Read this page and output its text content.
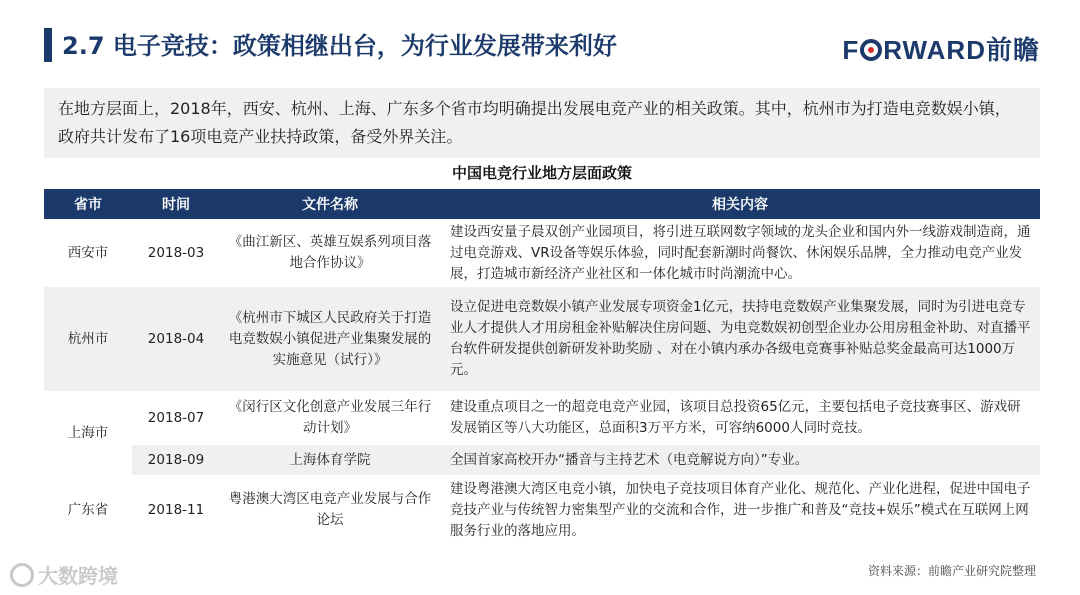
2.7 电子竞技：政策相继出台，为行业发展带来利好	F RWARD前瞻
在地方层面上，2018年，西安、杭州、上海、广东多个省市均明确提出发展电竞产业的相关政策。其中，杭州市为打造电竞数娱小镇，政府共计发布了16项电竞产业扶持政策，备受外界关注。
中国电竞行业地方层面政策
省市	时间	文件名称	相关内容
西安市	2018-03	《曲江新区、英雄互娱系列项目落地合作协议》	建设西安量子晨双创产业园项目，将引进互联网数字领域的龙头企业和国内外一线游戏制造商，通过电竞游戏、VR设备等娱乐体验，同时配套新潮时尚餐饮、休闲娱乐品牌，全力推动电竞产业发展，打造城市新经济产业社区和一体化城市时尚潮流中心。
杭州市	2018-04	《杭州市下城区人民政府关于打造电竞数娱小镇促进产业集聚发展的实施意见（试行）》	设立促进电竞数娱小镇产业发展专项资金1亿元，扶持电竞数娱产业集聚发展，同时为引进电竞专业人才提供人才用房租金补贴解决住房问题、为电竞数娱初创型企业办公用房租金补助、对直播平台软件研发提供创新研发补助奖励 、对在小镇内承办各级电竞赛事补贴总奖金最高可达1000万元。
上海市	2018-07	《闵行区文化创意产业发展三年行动计划》	建设重点项目之一的超竞电竞产业园，该项目总投资65亿元，主要包括电子竞技赛事区、游戏研发展销区等八大功能区，总面积3万平方米，可容纳6000人同时竞技。
	2018-09	上海体育学院	全国首家高校开办“播音与主持艺术（电竞解说方向）”专业。
广东省	2018-11	粤港澳大湾区电竞产业发展与合作论坛	建设粤港澳大湾区电竞小镇，加快电子竞技项目体育产业化、规范化、产业化进程，促进中国电子竞技产业与传统智力密集型产业的交流和合作，进一步推广和普及“竞技+娱乐”模式在互联网上网服务行业的落地应用。
大数跨境	资料来源：前瞻产业研究院整理
